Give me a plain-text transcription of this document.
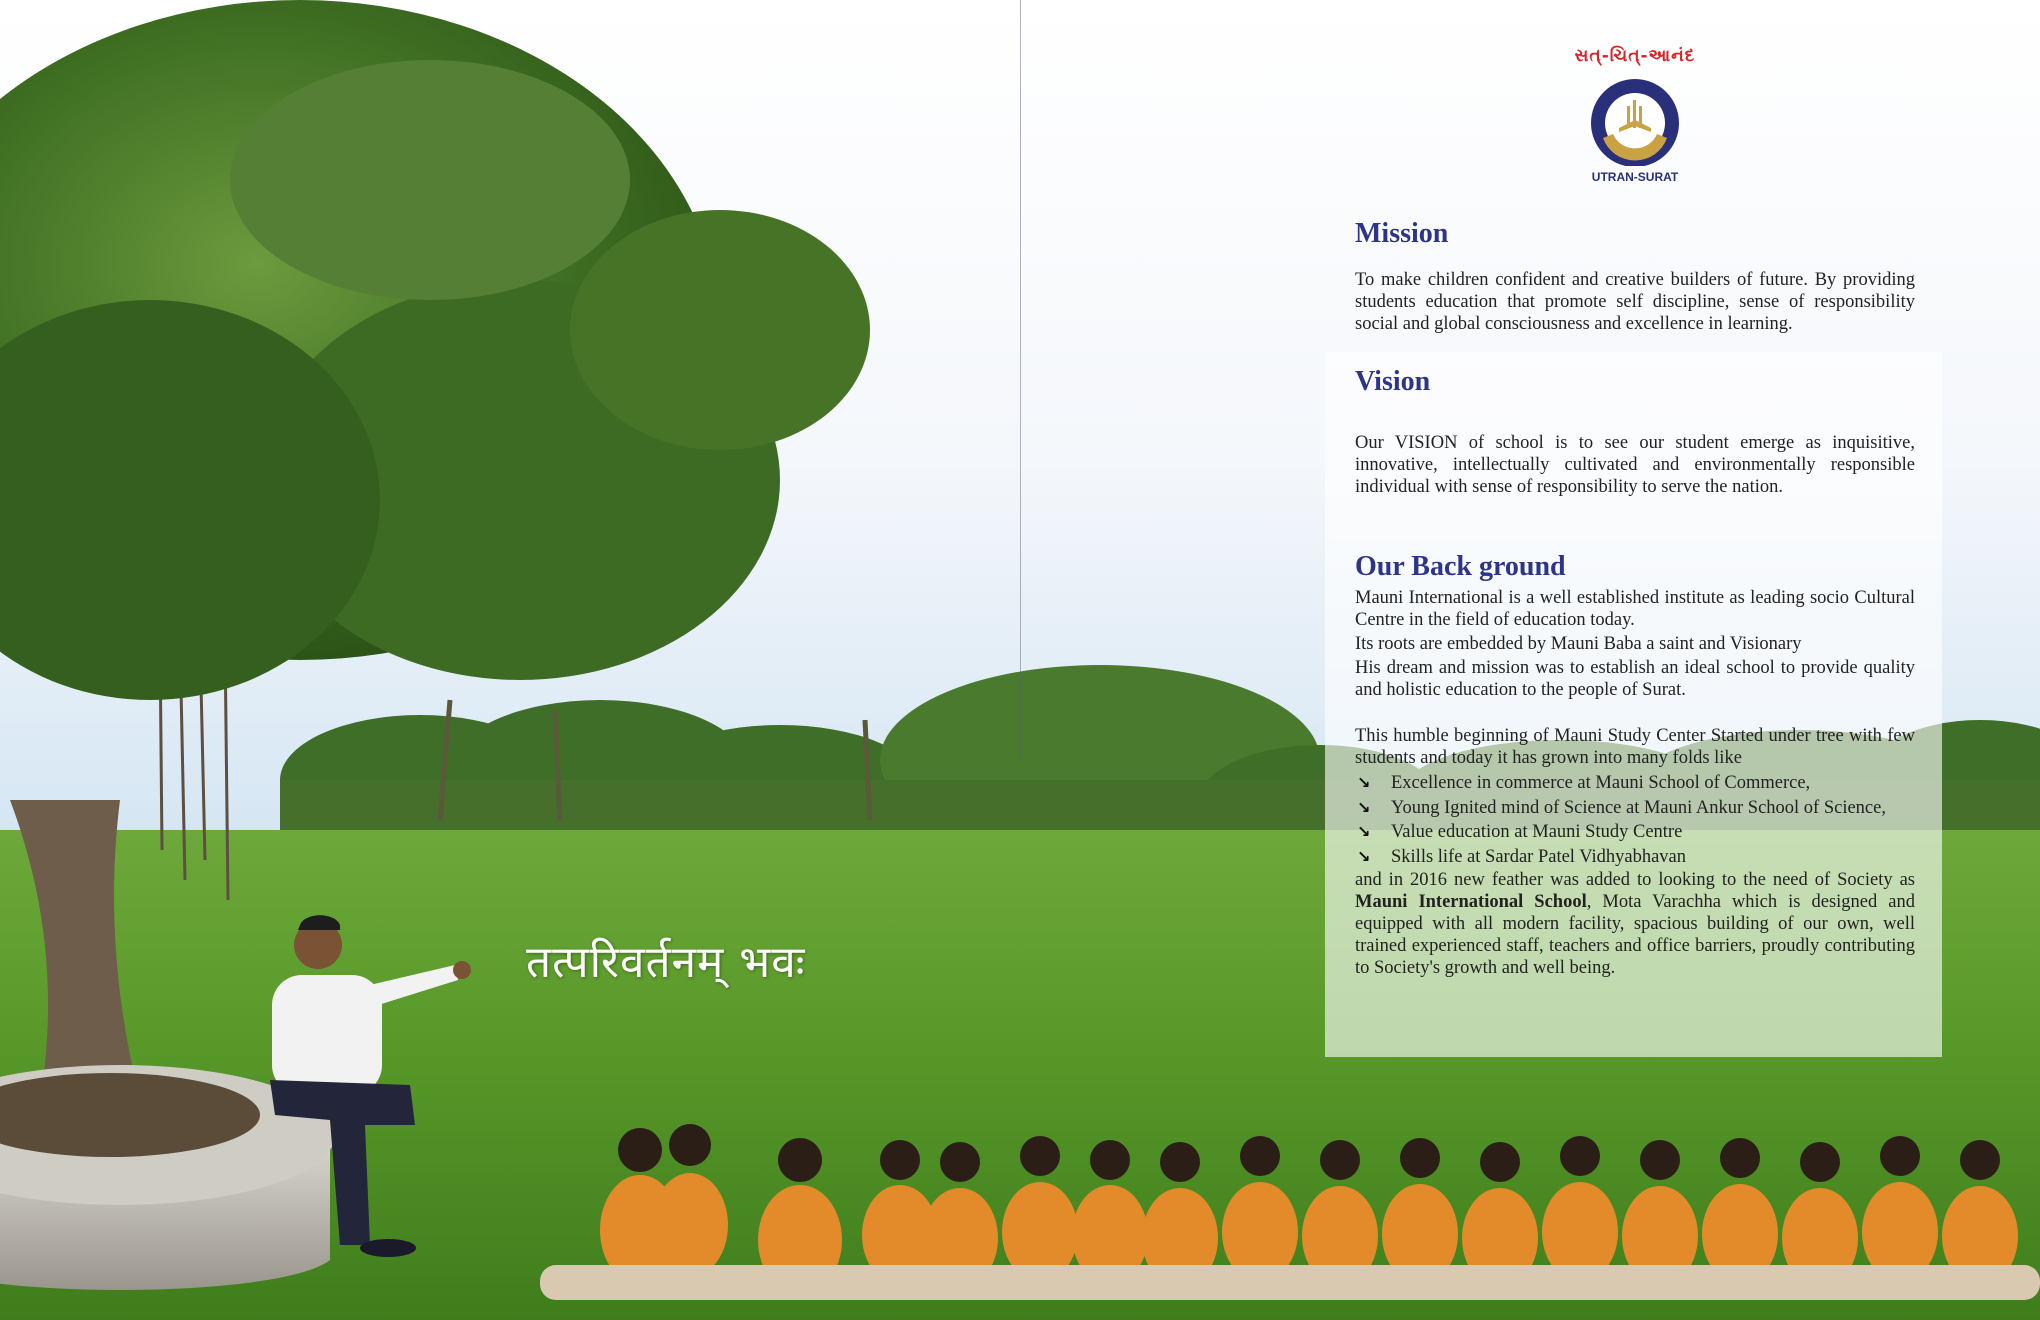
तत्परिवर्तनम् भवः
સત્-ચિત્-આનંદ
UTRAN-SURAT
Mission

To make children confident and creative builders of future. By providing students education that promote self discipline, sense of responsibility social and global consciousness and excellence in learning.

Vision

Our VISION of school is to see our student emerge as inquisitive, innovative, intellectually cultivated and environmentally responsible individual with sense of responsibility to serve the nation.

Our Back ground

Mauni International is a well established institute as leading socio Cultural Centre in the field of education today.

Its roots are embedded by Mauni Baba a saint and Visionary

His dream and mission was to establish an ideal school to provide quality and holistic education to the people of Surat.

This humble beginning of Mauni Study Center Started under tree with few students and today it has grown into many folds like

↘ Excellence in commerce at Mauni School of Commerce,
↘ Young Ignited mind of Science at Mauni Ankur School of Science,
↘ Value education at Mauni Study Centre
↘ Skills life at Sardar Patel Vidhyabhavan

and in 2016 new feather was added to looking to the need of Society as Mauni International School, Mota Varachha which is designed and equipped with all modern facility, spacious building of our own, well trained experienced staff, teachers and office barriers, proudly contributing to Society's growth and well being.
